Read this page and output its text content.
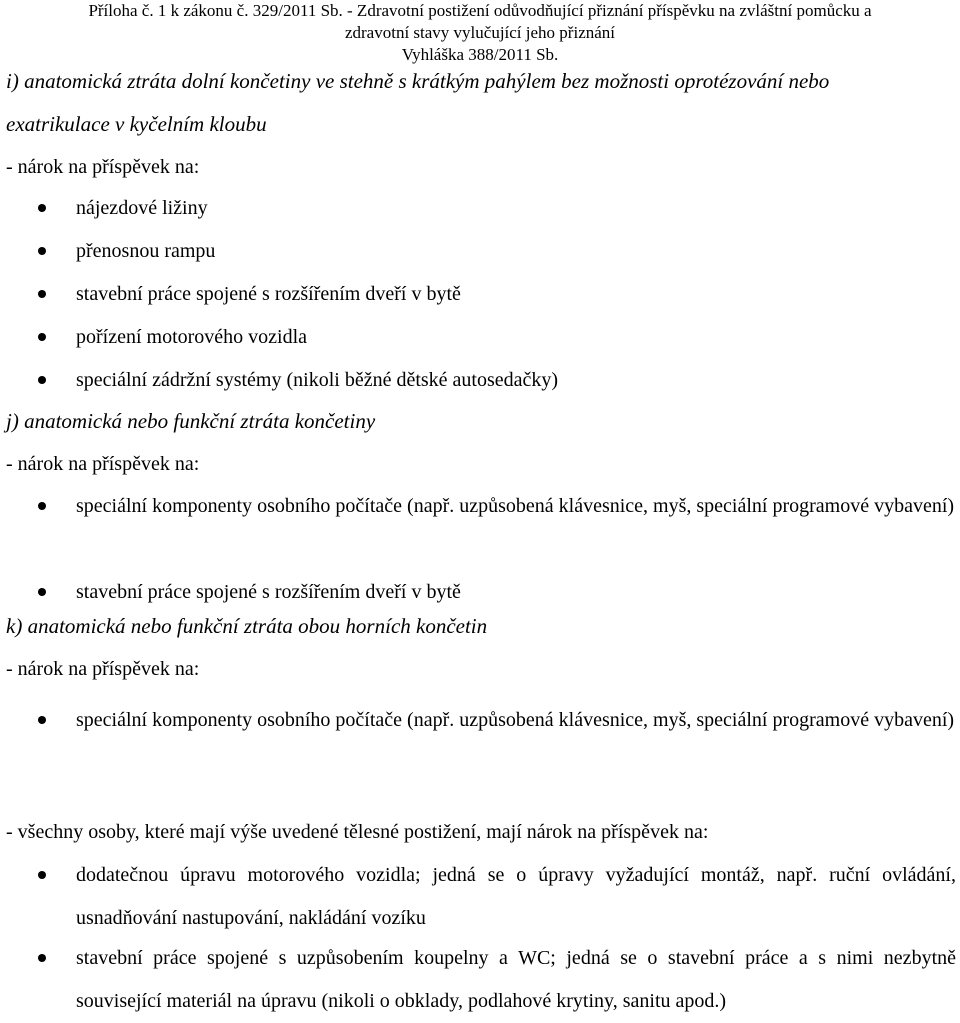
Příloha č. 1 k zákonu č. 329/2011 Sb. - Zdravotní postižení odůvodňující přiznání příspěvku na zvláštní pomůcku a
zdravotní stavy vylučující jeho přiznání
Vyhláška 388/2011 Sb.
i) anatomická ztráta dolní končetiny ve stehně s krátkým pahýlem bez možnosti oprotézování nebo
exatrikulace v kyčelním kloubu
- nárok na příspěvek na:
nájezdové ližiny
přenosnou rampu
stavební práce spojené s rozšířením dveří v bytě
pořízení motorového vozidla
speciální zádržní systémy (nikoli běžné dětské autosedačky)
j) anatomická nebo funkční ztráta končetiny
- nárok na příspěvek na:
speciální komponenty osobního počítače (např. uzpůsobená klávesnice, myš, speciální programové vybavení)
stavební práce spojené s rozšířením dveří v bytě
k) anatomická nebo funkční ztráta obou horních končetin
- nárok na příspěvek na:
speciální komponenty osobního počítače (např. uzpůsobená klávesnice, myš, speciální programové vybavení)
- všechny osoby, které mají výše uvedené tělesné postižení, mají nárok na příspěvek na:
dodatečnou úpravu motorového vozidla; jedná se o úpravy vyžadující montáž, např. ruční ovládání, usnadňování nastupování, nakládání vozíku
stavební práce spojené s uzpůsobením koupelny a WC; jedná se o stavební práce a s nimi nezbytně související materiál na úpravu (nikoli o obklady, podlahové krytiny, sanitu apod.)
